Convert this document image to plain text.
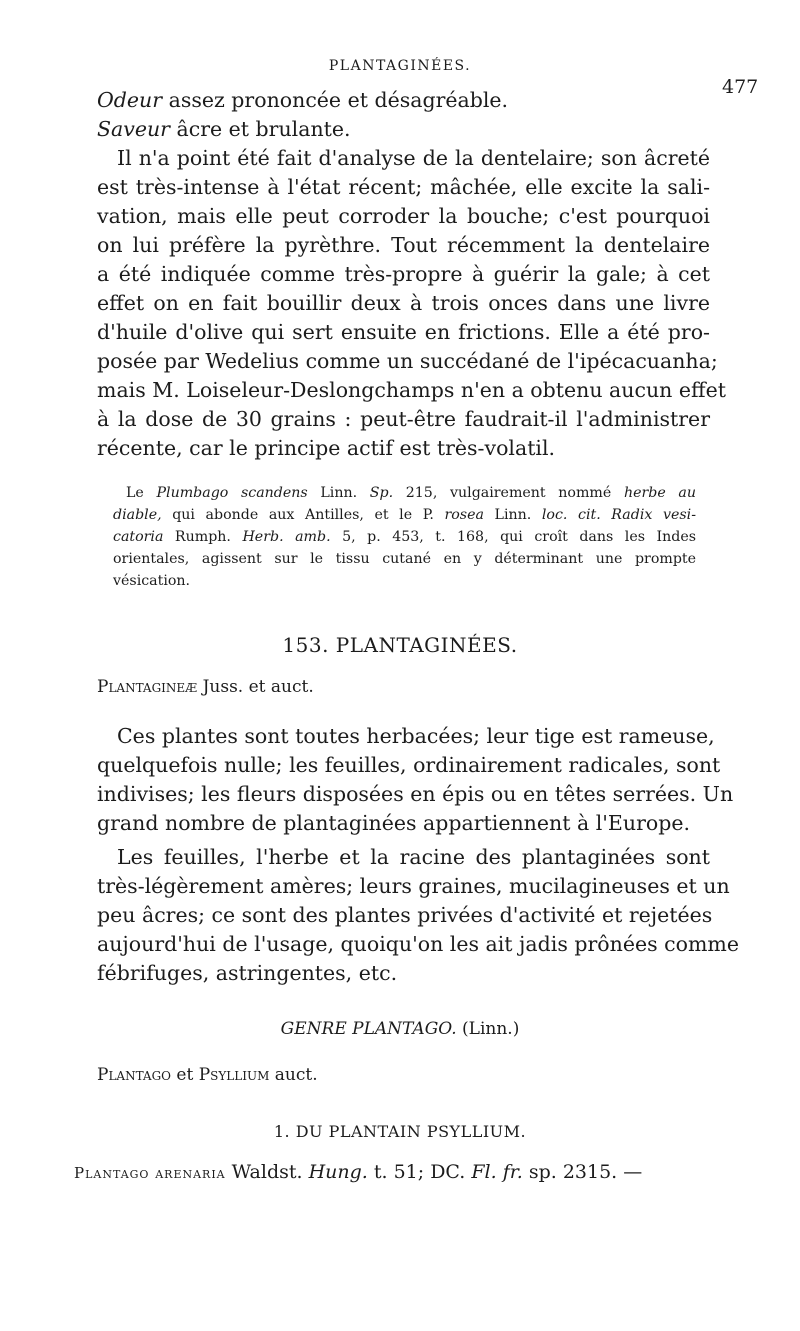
PLANTAGINÉES.
477
Odeur assez prononcée et désagréable.
Saveur âcre et brulante.
Il n'a point été fait d'analyse de la dentelaire; son âcreté
est très-intense à l'état récent; mâchée, elle excite la sali-
vation, mais elle peut corroder la bouche; c'est pourquoi
on lui préfère la pyrèthre. Tout récemment la dentelaire
a été indiquée comme très-propre à guérir la gale; à cet
effet on en fait bouillir deux à trois onces dans une livre
d'huile d'olive qui sert ensuite en frictions. Elle a été pro-
posée par Wedelius comme un succédané de l'ipécacuanha;
mais M. Loiseleur-Deslongchamps n'en a obtenu aucun effet
à la dose de 30 grains : peut-être faudrait-il l'administrer
récente, car le principe actif est très-volatil.
Le Plumbago scandens Linn. Sp. 215, vulgairement nommé herbe au
diable, qui abonde aux Antilles, et le P. rosea Linn. loc. cit. Radix vesi-
catoria Rumph. Herb. amb. 5, p. 453, t. 168, qui croît dans les Indes
orientales, agissent sur le tissu cutané en y déterminant une prompte
vésication.
153. PLANTAGINÉES.
Plantagineæ Juss. et auct.
Ces plantes sont toutes herbacées; leur tige est rameuse,
quelquefois nulle; les feuilles, ordinairement radicales, sont
indivises; les fleurs disposées en épis ou en têtes serrées. Un
grand nombre de plantaginées appartiennent à l'Europe.
Les feuilles, l'herbe et la racine des plantaginées sont
très-légèrement amères; leurs graines, mucilagineuses et un
peu âcres; ce sont des plantes privées d'activité et rejetées
aujourd'hui de l'usage, quoiqu'on les ait jadis prônées comme
fébrifuges, astringentes, etc.
GENRE PLANTAGO. (Linn.)
Plantago et Psyllium auct.
1. DU PLANTAIN PSYLLIUM.
Plantago arenaria Waldst. Hung. t. 51; DC. Fl. fr. sp. 2315. —
